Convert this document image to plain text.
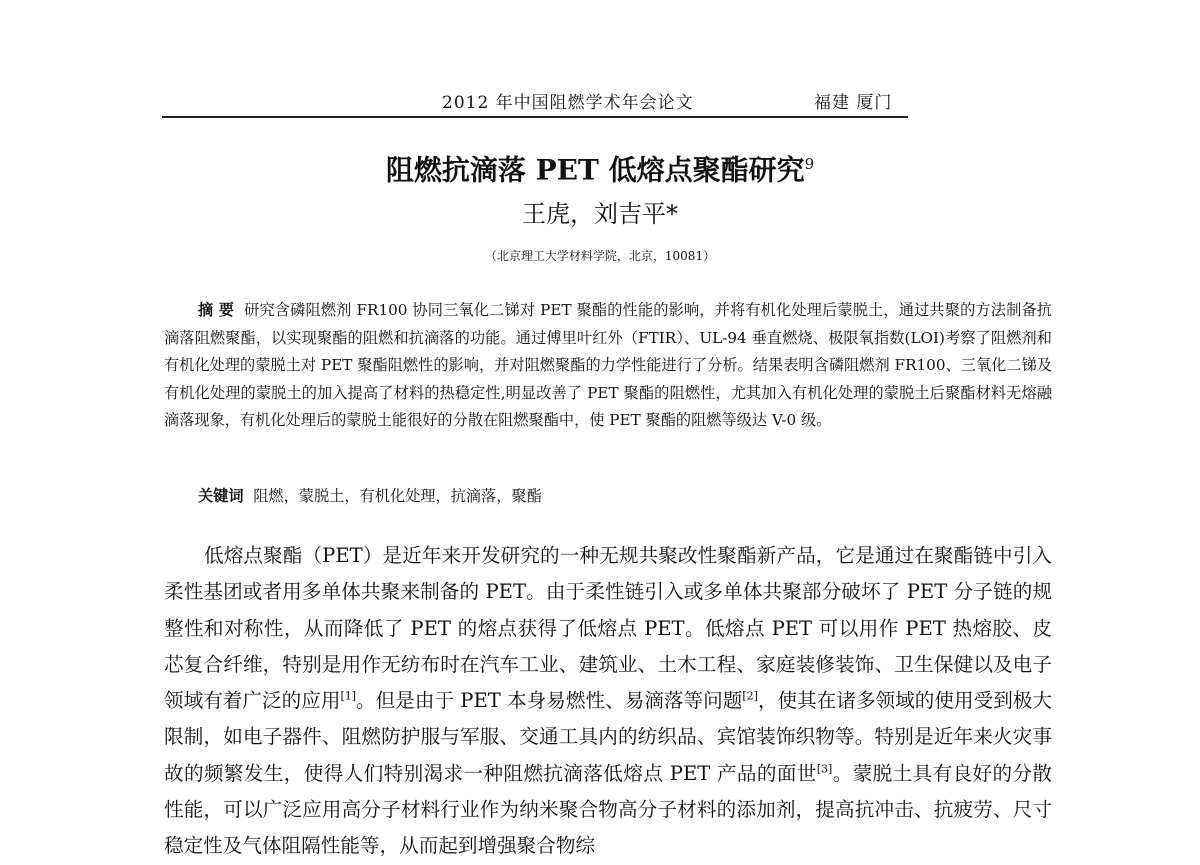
2012 年中国阻燃学术年会论文	福建 厦门
阻燃抗滴落 PET 低熔点聚酯研究$^9$
王虎，刘吉平*
（北京理工大学材料学院，北京，10081）

摘 要 研究含磷阻燃剂 FR100 协同三氧化二锑对 PET 聚酯的性能的影响，并将有机化处理后蒙脱土，通过共聚的方法制备抗滴落阻燃聚酯，以实现聚酯的阻燃和抗滴落的功能。通过傅里叶红外（FTIR）、UL-94 垂直燃烧、极限氧指数(LOI)考察了阻燃剂和有机化处理的蒙脱土对 PET 聚酯阻燃性的影响，并对阻燃聚酯的力学性能进行了分析。结果表明含磷阻燃剂 FR100、三氧化二锑及有机化处理的蒙脱土的加入提高了材料的热稳定性,明显改善了 PET 聚酯的阻燃性，尤其加入有机化处理的蒙脱土后聚酯材料无熔融滴落现象，有机化处理后的蒙脱土能很好的分散在阻燃聚酯中，使 PET 聚酯的阻燃等级达 V-0 级。

关键词 阻燃，蒙脱土，有机化处理，抗滴落，聚酯

低熔点聚酯（PET）是近年来开发研究的一种无规共聚改性聚酯新产品，它是通过在聚酯链中引入柔性基团或者用多单体共聚来制备的 PET。由于柔性链引入或多单体共聚部分破坏了 PET 分子链的规整性和对称性，从而降低了 PET 的熔点获得了低熔点 PET。低熔点 PET 可以用作 PET 热熔胶、皮芯复合纤维，特别是用作无纺布时在汽车工业、建筑业、土木工程、家庭装修装饰、卫生保健以及电子领域有着广泛的应用[1]。但是由于 PET 本身易燃性、易滴落等问题[2]，使其在诸多领域的使用受到极大限制，如电子器件、阻燃防护服与军服、交通工具内的纺织品、宾馆装饰织物等。特别是近年来火灾事故的频繁发生，使得人们特别渴求一种阻燃抗滴落低熔点 PET 产品的面世[3]。蒙脱土具有良好的分散性能，可以广泛应用高分子材料行业作为纳米聚合物高分子材料的添加剂，提高抗冲击、抗疲劳、尺寸稳定性及气体阻隔性能等，从而起到增强聚合物综
